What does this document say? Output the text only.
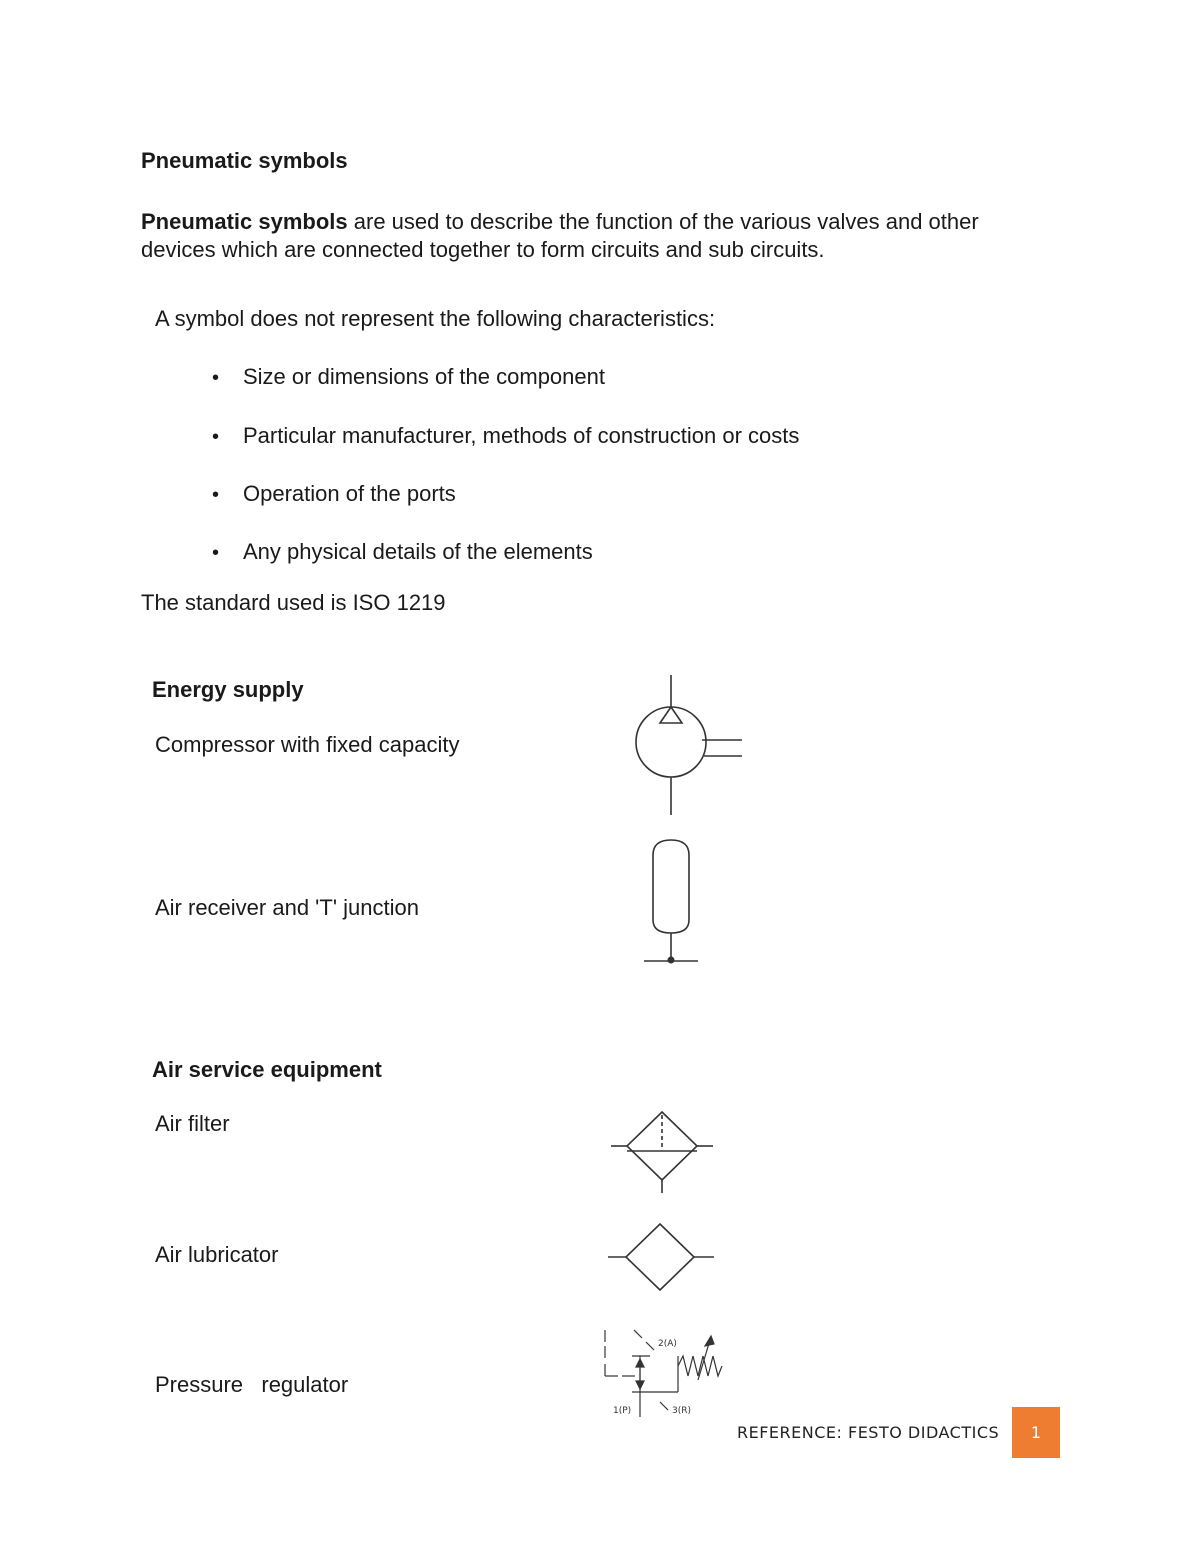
Pneumatic symbols
Pneumatic symbols are used to describe the function of the various valves and other
devices which are connected together to form circuits and sub circuits.
A symbol does not represent the following characteristics:
• Size or dimensions of the component
• Particular manufacturer, methods of construction or costs
• Operation of the ports
• Any physical details of the elements
The standard used is ISO 1219
Energy supply
Compressor with fixed capacity
Air receiver and 'T' junction
Air service equipment
Air filter
Air lubricator
Pressure   regulator
2(A)
1(P)	3(R)
REFERENCE: FESTO DIDACTICS	1
